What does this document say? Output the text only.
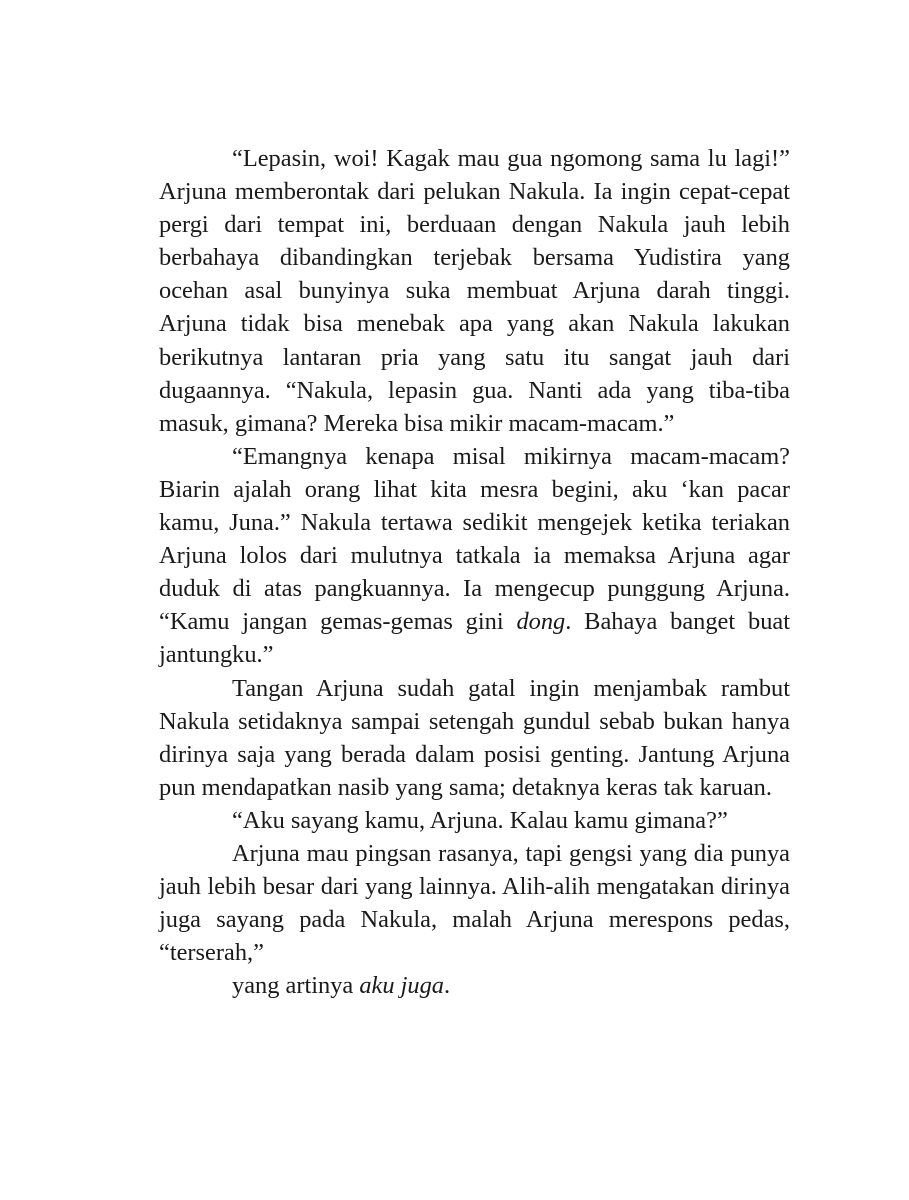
“Lepasin, woi! Kagak mau gua ngomong sama lu lagi!” Arjuna memberontak dari pelukan Nakula. Ia ingin cepat-cepat pergi dari tempat ini, berduaan dengan Nakula jauh lebih berbahaya dibandingkan terjebak bersama Yudistira yang ocehan asal bunyinya suka membuat Arjuna darah tinggi. Arjuna tidak bisa menebak apa yang akan Nakula lakukan berikutnya lantaran pria yang satu itu sangat jauh dari dugaannya. “Nakula, lepasin gua. Nanti ada yang tiba-tiba masuk, gimana? Mereka bisa mikir macam-macam.”

“Emangnya kenapa misal mikirnya macam-macam? Biarin ajalah orang lihat kita mesra begini, aku ‘kan pacar kamu, Juna.” Nakula tertawa sedikit mengejek ketika teriakan Arjuna lolos dari mulutnya tatkala ia memaksa Arjuna agar duduk di atas pangkuannya. Ia mengecup punggung Arjuna. “Kamu jangan gemas-gemas gini dong. Bahaya banget buat jantungku.”

Tangan Arjuna sudah gatal ingin menjambak rambut Nakula setidaknya sampai setengah gundul sebab bukan hanya dirinya saja yang berada dalam posisi genting. Jantung Arjuna pun mendapatkan nasib yang sama; detaknya keras tak karuan.

“Aku sayang kamu, Arjuna. Kalau kamu gimana?”

Arjuna mau pingsan rasanya, tapi gengsi yang dia punya jauh lebih besar dari yang lainnya. Alih-alih mengatakan dirinya juga sayang pada Nakula, malah Arjuna merespons pedas, “terserah,”

yang artinya aku juga.
